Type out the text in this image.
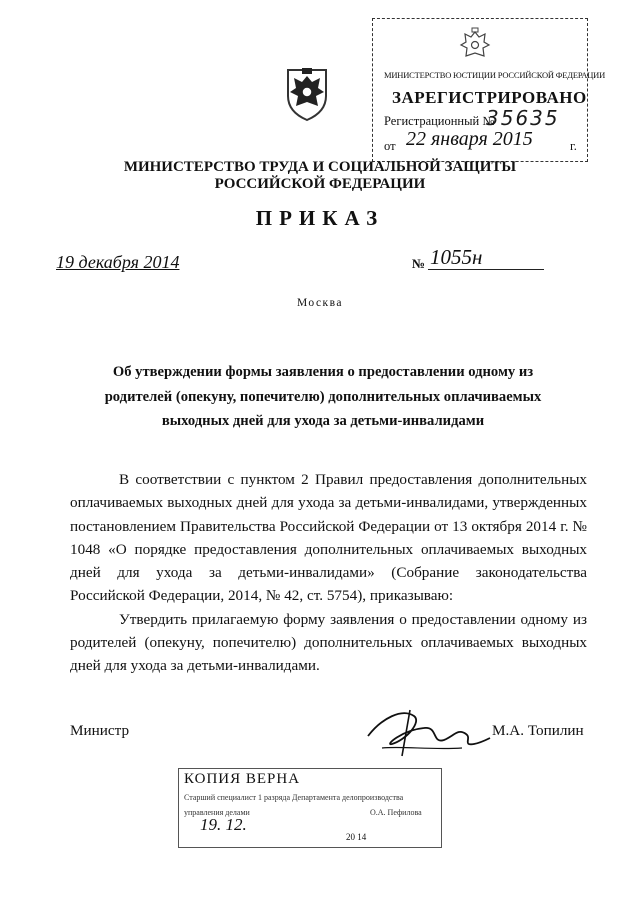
МИНИСТЕРСТВО ЮСТИЦИИ РОССИЙСКОЙ ФЕДЕРАЦИИ
ЗАРЕГИСТРИРОВАНО
Регистрационный №
35635
от 22 января 2015	г.
МИНИСТЕРСТВО ТРУДА И СОЦИАЛЬНОЙ ЗАЩИТЫ
РОССИЙСКОЙ ФЕДЕРАЦИИ
ПРИКАЗ
19 декабря 2014	№ 1055н
Москва
Об утверждении формы заявления о предоставлении одному из родителей (опекуну, попечителю) дополнительных оплачиваемых выходных дней для ухода за детьми-инвалидами

В соответствии с пунктом 2 Правил предоставления дополнительных оплачиваемых выходных дней для ухода за детьми-инвалидами, утвержденных постановлением Правительства Российской Федерации от 13 октября 2014 г. № 1048 «О порядке предоставления дополнительных оплачиваемых выходных дней для ухода за детьми-инвалидами» (Собрание законодательства Российской Федерации, 2014, № 42, ст. 5754), приказываю:

Утвердить прилагаемую форму заявления о предоставлении одному из родителей (опекуну, попечителю) дополнительных оплачиваемых выходных дней для ухода за детьми-инвалидами.

Министр	М.А. Топилин
КОПИЯ ВЕРНА
Старший специалист 1 разряда Департамента делопроизводства
управления делами	О.А. Пефилова
19. 12.
20 14
